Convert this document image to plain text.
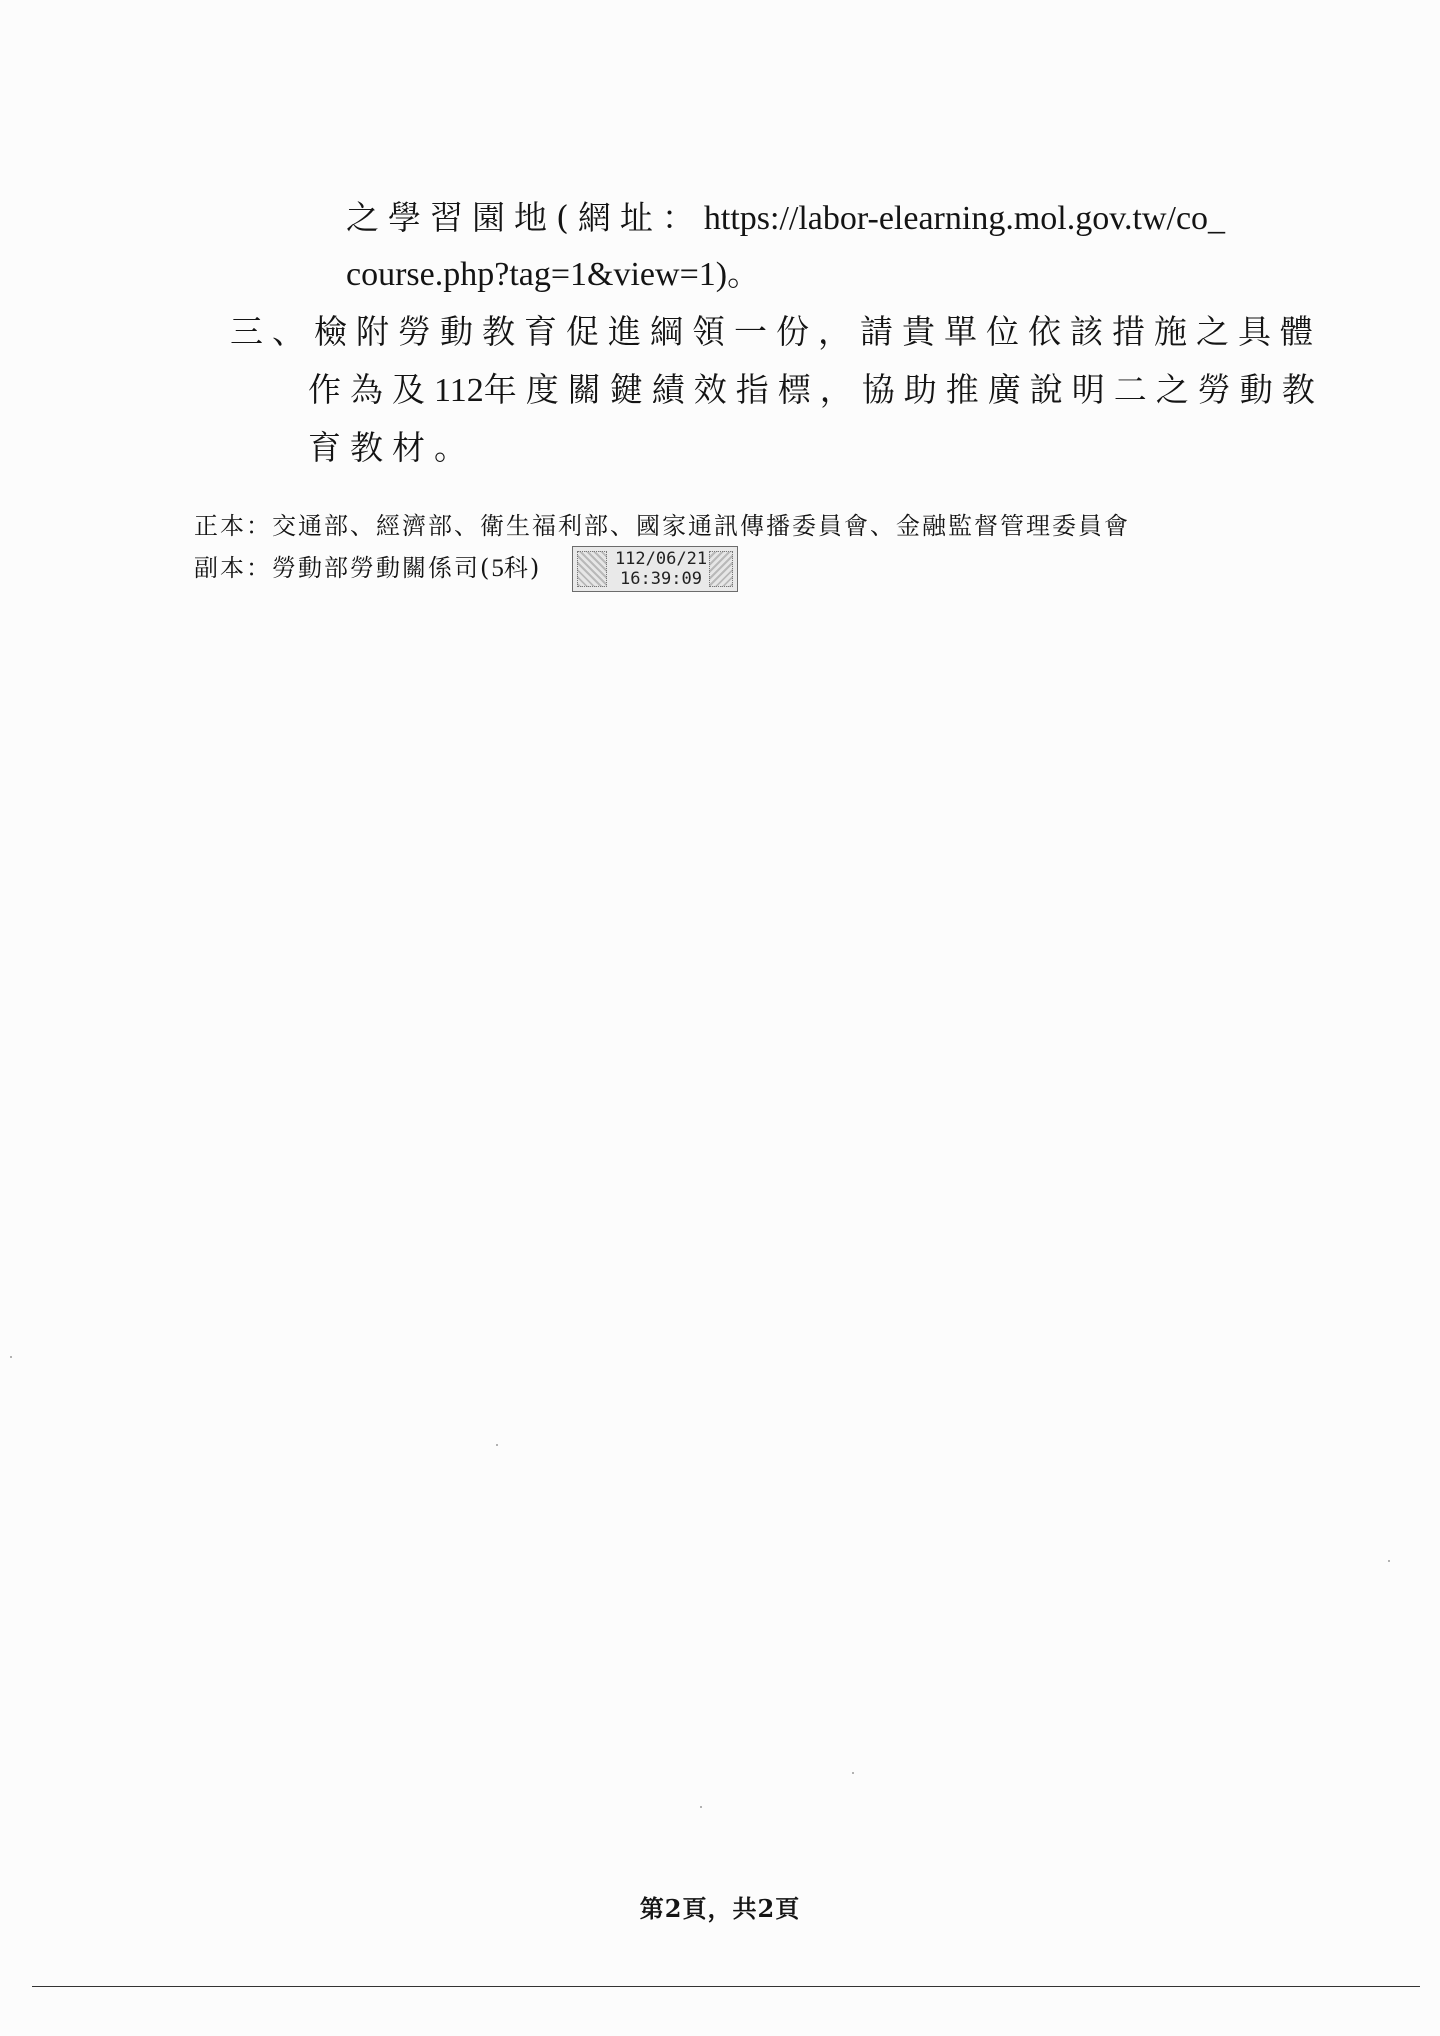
之學習園地(網址：https://labor-elearning.mol.gov.tw/co_
course.php?tag=1&view=1)。
三、檢附勞動教育促進綱領一份，請貴單位依該措施之具體
作為及112年度關鍵績效指標，協助推廣說明二之勞動教
育教材。
正本：交通部、經濟部、衛生福利部、國家通訊傳播委員會、金融監督管理委員會
副本：勞動部勞動關係司(5科)	112/06/21
16:39:09
第2頁，共2頁
